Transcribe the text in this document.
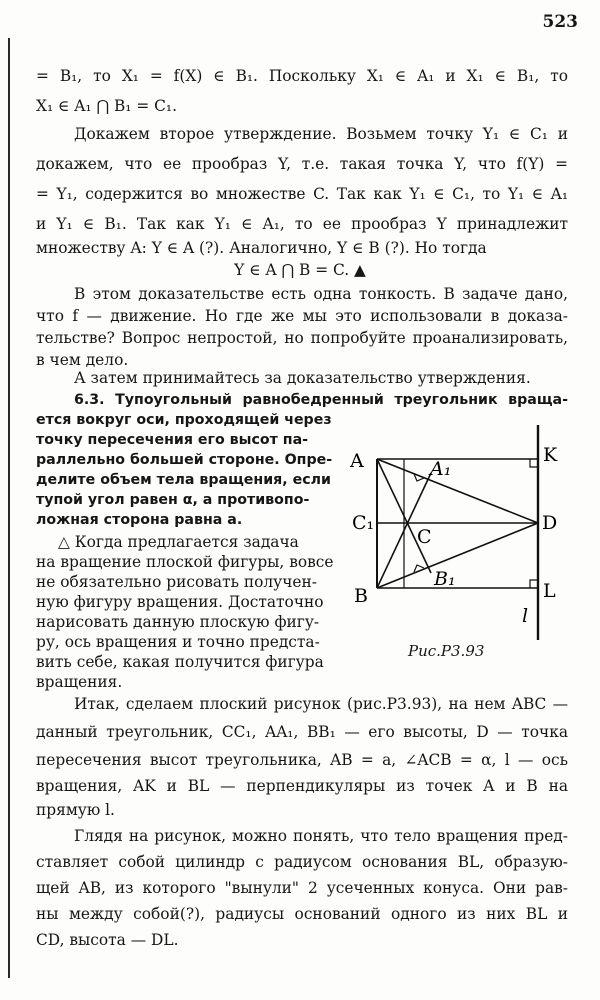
523
= B₁, то X₁ = f(X) ∈ B₁. Поскольку X₁ ∈ A₁ и X₁ ∈ B₁, то
X₁ ∈ A₁ ⋂ B₁ = C₁.
Докажем второе утверждение. Возьмем точку Y₁ ∈ C₁ и
докажем, что ее прообраз Y, т.е. такая точка Y, что f(Y) =
= Y₁, содержится во множестве C. Так как Y₁ ∈ C₁, то Y₁ ∈ A₁
и Y₁ ∈ B₁. Так как Y₁ ∈ A₁, то ее прообраз Y принадлежит
множеству A: Y ∈ A (?). Аналогично, Y ∈ B (?). Но тогда
Y ∈ A ⋂ B = C. ▲
В этом доказательстве есть одна тонкость. В задаче дано,
что f — движение. Но где же мы это использовали в доказа-
тельстве? Вопрос непростой, но попробуйте проанализировать,
в чем дело.
А затем принимайтесь за доказательство утверждения.
6.3. Тупоугольный равнобедренный треугольник враща-
ется вокруг оси, проходящей через
точку пересечения его высот па-
раллельно большей стороне. Опре-
делите объем тела вращения, если
тупой угол равен α, а противопо-
ложная сторона равна a.
△ Когда предлагается задача
на вращение плоской фигуры, вовсе
не обязательно рисовать получен-
ную фигуру вращения. Достаточно
нарисовать данную плоскую фигу-
ру, ось вращения и точно предста-
вить себе, какая получится фигура
вращения.
A	A₁
K
C₁
C
D
B₁
B	L
l
Рис.Р3.93
Итак, сделаем плоский рисунок (рис.Р3.93), на нем ABC —
данный треугольник, CC₁, AA₁, BB₁ — его высоты, D — точка
пересечения высот треугольника, AB = a, ∠ACB = α, l — ось
вращения, AK и BL — перпендикуляры из точек A и B на
прямую l.
Глядя на рисунок, можно понять, что тело вращения пред-
ставляет собой цилиндр с радиусом основания BL, образую-
щей AB, из которого "вынули" 2 усеченных конуса. Они рав-
ны между собой(?), радиусы оснований одного из них BL и
CD, высота — DL.
